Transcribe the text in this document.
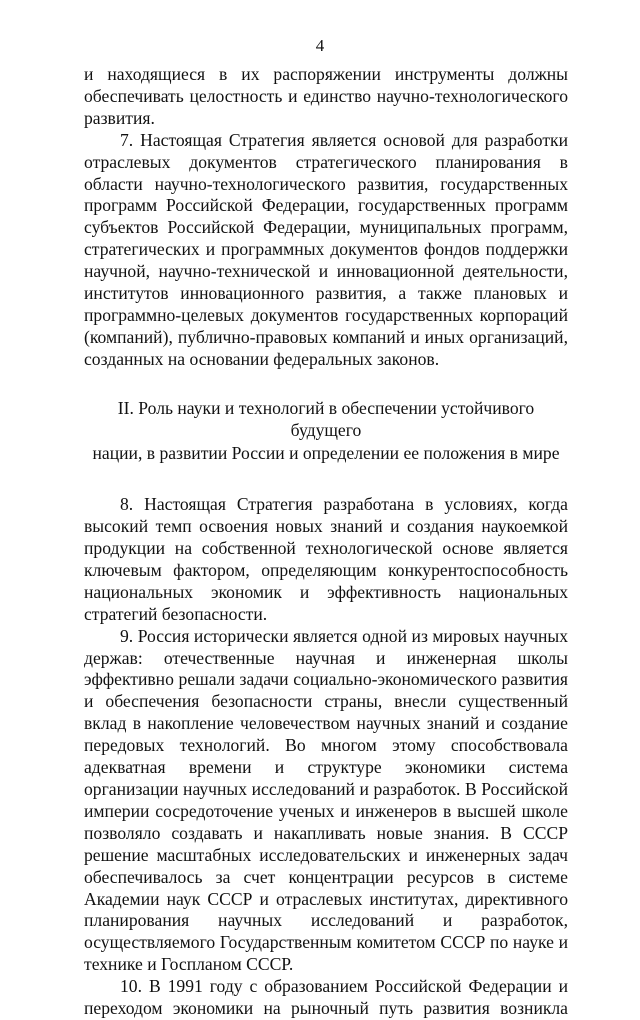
4

и находящиеся в их распоряжении инструменты должны обеспечивать целостность и единство научно-технологического развития.

7. Настоящая Стратегия является основой для разработки отраслевых документов стратегического планирования в области научно-технологического развития, государственных программ Российской Федерации, государственных программ субъектов Российской Федерации, муниципальных программ, стратегических и программных документов фондов поддержки научной, научно-технической и инновационной деятельности, институтов инновационного развития, а также плановых и программно-целевых документов государственных корпораций (компаний), публично-правовых компаний и иных организаций, созданных на основании федеральных законов.

II. Роль науки и технологий в обеспечении устойчивого будущего
нации, в развитии России и определении ее положения в мире

8. Настоящая Стратегия разработана в условиях, когда высокий темп освоения новых знаний и создания наукоемкой продукции на собственной технологической основе является ключевым фактором, определяющим конкурентоспособность национальных экономик и эффективность национальных стратегий безопасности.

9. Россия исторически является одной из мировых научных держав: отечественные научная и инженерная школы эффективно решали задачи социально-экономического развития и обеспечения безопасности страны, внесли существенный вклад в накопление человечеством научных знаний и создание передовых технологий. Во многом этому способствовала адекватная времени и структуре экономики система организации научных исследований и разработок. В Российской империи сосредоточение ученых и инженеров в высшей школе позволяло создавать и накапливать новые знания. В СССР решение масштабных исследовательских и инженерных задач обеспечивалось за счет концентрации ресурсов в системе Академии наук СССР и отраслевых институтах, директивного планирования научных исследований и разработок, осуществляемого Государственным комитетом СССР по науке и технике и Госпланом СССР.

10. В 1991 году с образованием Российской Федерации и переходом экономики на рыночный путь развития возникла
